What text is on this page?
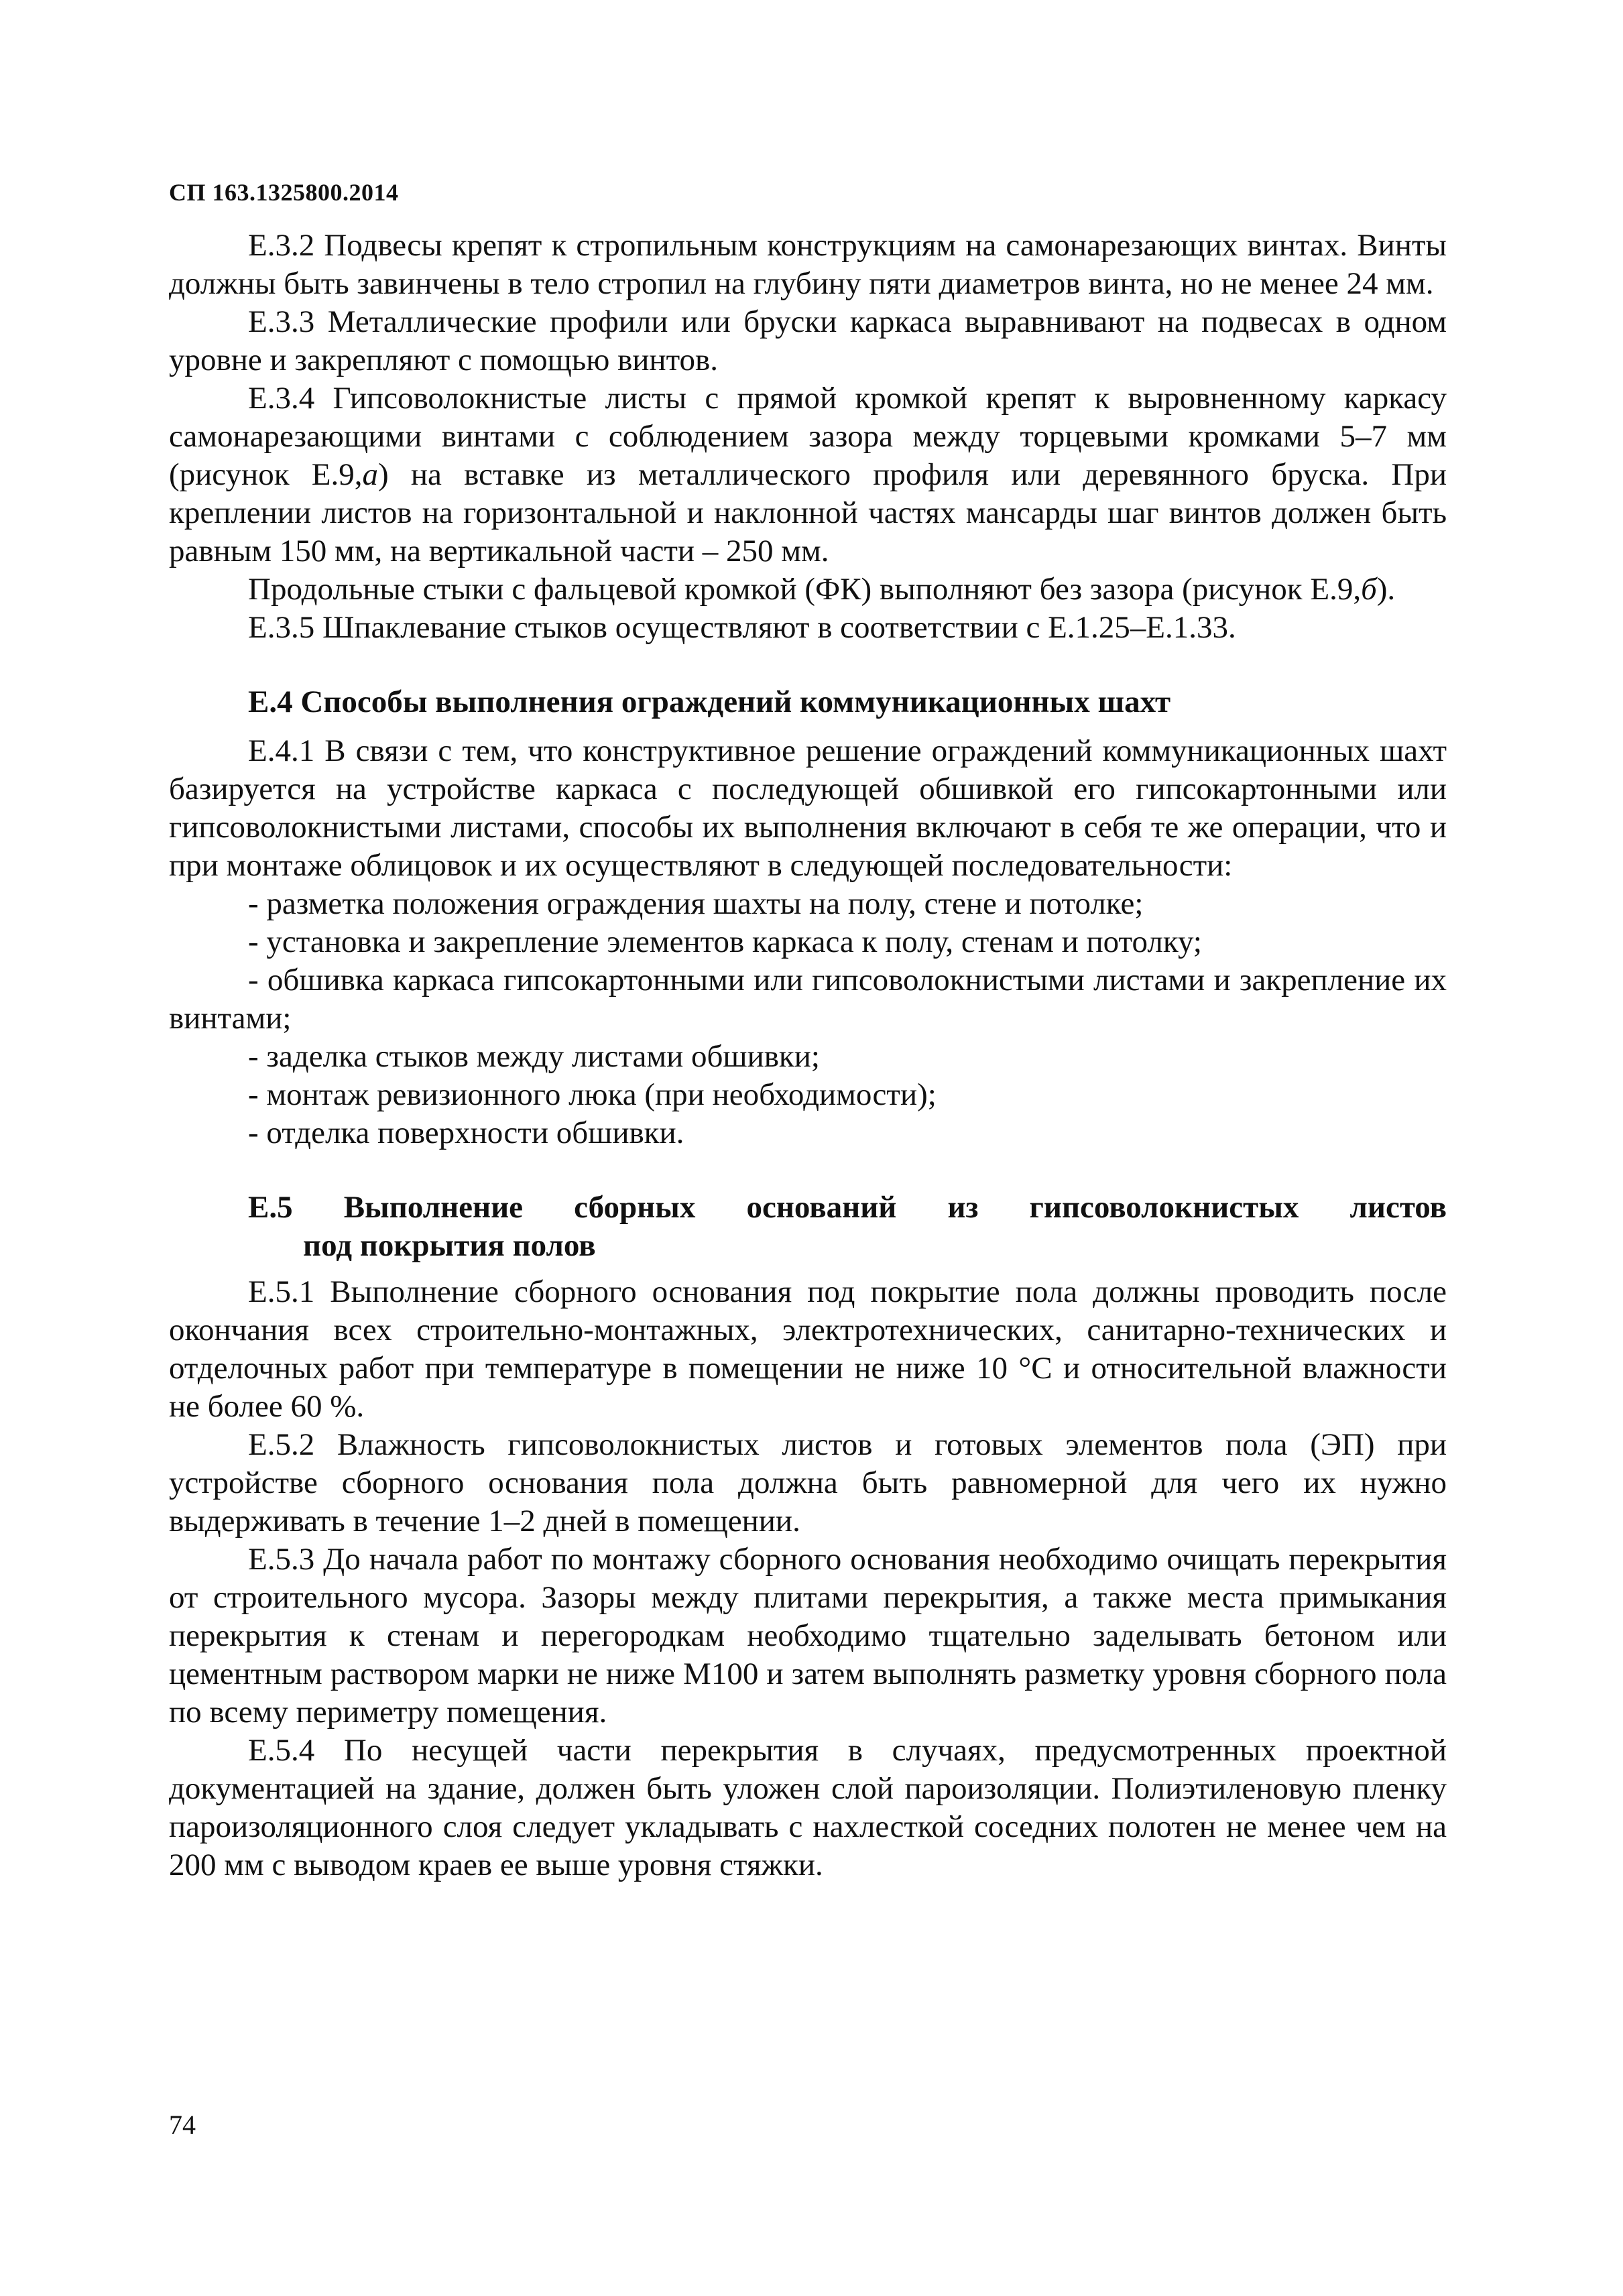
СП 163.1325800.2014

Е.3.2 Подвесы крепят к стропильным конструкциям на самонарезающих винтах. Винты должны быть завинчены в тело стропил на глубину пяти диаметров винта, но не менее 24 мм.

Е.3.3 Металлические профили или бруски каркаса выравнивают на подвесах в одном уровне и закрепляют с помощью винтов.

Е.3.4 Гипсоволокнистые листы с прямой кромкой крепят к выровненному каркасу самонарезающими винтами с соблюдением зазора между торцевыми кромками 5–7 мм (рисунок Е.9,а) на вставке из металлического профиля или деревянного бруска. При креплении листов на горизонтальной и наклонной частях мансарды шаг винтов должен быть равным 150 мм, на вертикальной части – 250 мм.

Продольные стыки с фальцевой кромкой (ФК) выполняют без зазора (рисунок Е.9,б).

Е.3.5 Шпаклевание стыков осуществляют в соответствии с Е.1.25–Е.1.33.

Е.4 Способы выполнения ограждений коммуникационных шахт

Е.4.1 В связи с тем, что конструктивное решение ограждений коммуникационных шахт базируется на устройстве каркаса с последующей обшивкой его гипсокартонными или гипсоволокнистыми листами, способы их выполнения включают в себя те же операции, что и при монтаже облицовок и их осуществляют в следующей последовательности:

- разметка положения ограждения шахты на полу, стене и потолке;

- установка и закрепление элементов каркаса к полу, стенам и потолку;

- обшивка каркаса гипсокартонными или гипсоволокнистыми листами и закрепление их винтами;

- заделка стыков между листами обшивки;

- монтаж ревизионного люка (при необходимости);

- отделка поверхности обшивки.

Е.5 Выполнение сборных оснований из гипсоволокнистых листов
под покрытия полов

Е.5.1 Выполнение сборного основания под покрытие пола должны проводить после окончания всех строительно-монтажных, электротехнических, санитарно-технических и отделочных работ при температуре в помещении не ниже 10 °С и относительной влажности не более 60 %.

Е.5.2 Влажность гипсоволокнистых листов и готовых элементов пола (ЭП) при устройстве сборного основания пола должна быть равномерной для чего их нужно выдерживать в течение 1–2 дней в помещении.

Е.5.3 До начала работ по монтажу сборного основания необходимо очищать перекрытия от строительного мусора. Зазоры между плитами перекрытия, а также места примыкания перекрытия к стенам и перегородкам необходимо тщательно заделывать бетоном или цементным раствором марки не ниже М100 и затем выполнять разметку уровня сборного пола по всему периметру помещения.

Е.5.4 По несущей части перекрытия в случаях, предусмотренных проектной документацией на здание, должен быть уложен слой пароизоляции. Полиэтиленовую пленку пароизоляционного слоя следует укладывать с нахлесткой соседних полотен не менее чем на 200 мм с выводом краев ее выше уровня стяжки.

74
